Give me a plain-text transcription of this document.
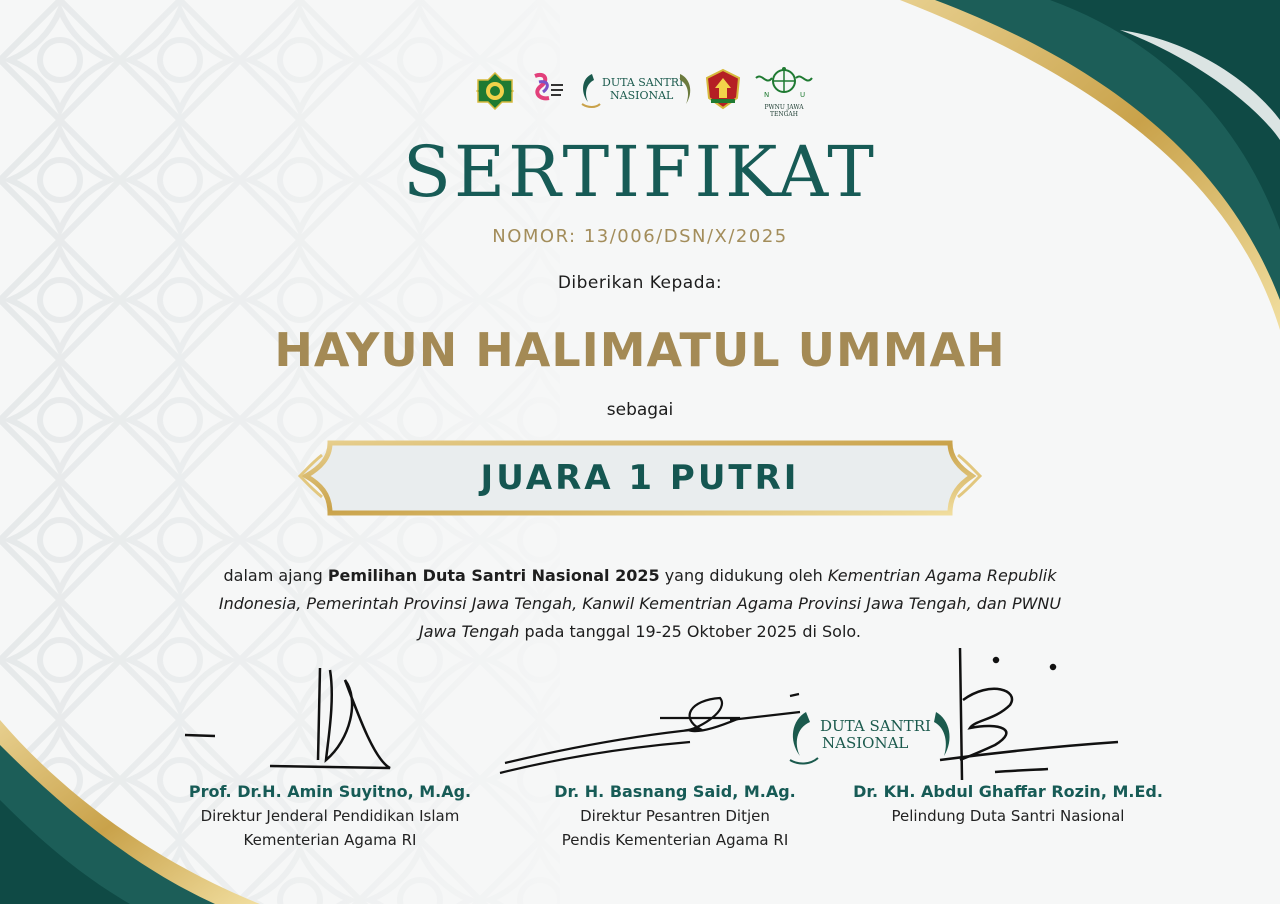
DUTA SANTRI
NASIONAL	N	U
PWNU JAWA TENGAH
SERTIFIKAT
NOMOR: 13/006/DSN/X/2025
Diberikan Kepada:
HAYUN HALIMATUL UMMAH
sebagai
JUARA 1 PUTRI
dalam ajang Pemilihan Duta Santri Nasional 2025 yang didukung oleh Kementrian Agama Republik Indonesia, Pemerintah Provinsi Jawa Tengah, Kanwil Kementrian Agama Provinsi Jawa Tengah, dan PWNU Jawa Tengah pada tanggal 19-25 Oktober 2025 di Solo.
DUTA SANTRI
NASIONAL
Prof. Dr.H. Amin Suyitno, M.Ag.
Direktur Jenderal Pendidikan Islam
Kementerian Agama RI
Dr. H. Basnang Said, M.Ag.
Direktur Pesantren Ditjen
Pendis Kementerian Agama RI
Dr. KH. Abdul Ghaffar Rozin, M.Ed.
Pelindung Duta Santri Nasional
